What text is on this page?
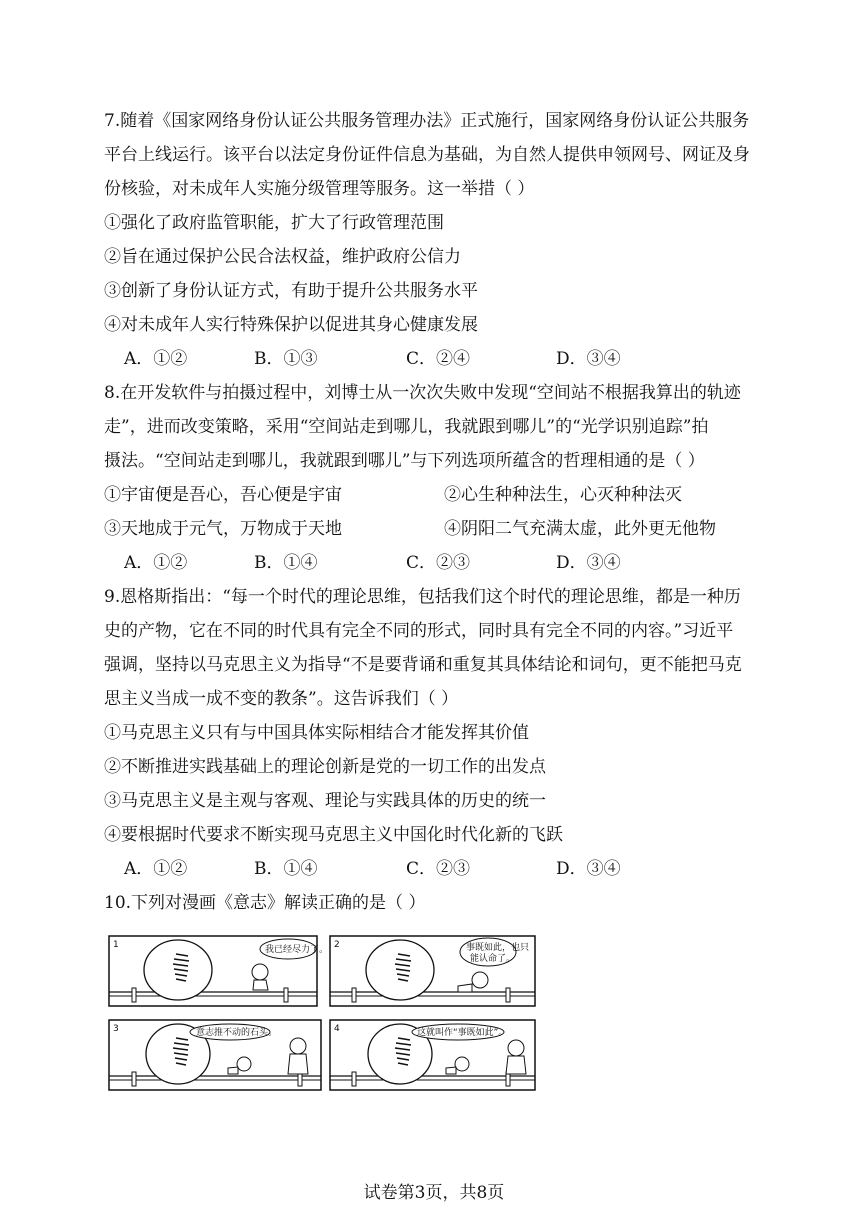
7.随着《国家网络身份认证公共服务管理办法》正式施行，国家网络身份认证公共服务
平台上线运行。该平台以法定身份证件信息为基础，为自然人提供申领网号、网证及身
份核验，对未成年人实施分级管理等服务。这一举措（ ）
①强化了政府监管职能，扩大了行政管理范围
②旨在通过保护公民合法权益，维护政府公信力
③创新了身份认证方式，有助于提升公共服务水平
④对未成年人实行特殊保护以促进其身心健康发展
A．①②	B．①③	C．②④	D．③④
8.在开发软件与拍摄过程中，刘博士从一次次失败中发现“空间站不根据我算出的轨迹
走”，进而改变策略，采用“空间站走到哪儿，我就跟到哪儿”的“光学识别追踪”拍
摄法。“空间站走到哪儿，我就跟到哪儿”与下列选项所蕴含的哲理相通的是（ ）
①宇宙便是吾心，吾心便是宇宙	②心生种种法生，心灭种种法灭
③天地成于元气，万物成于天地	④阴阳二气充满太虚，此外更无他物
A．①②	B．①④	C．②③	D．③④
9.恩格斯指出：“每一个时代的理论思维，包括我们这个时代的理论思维，都是一种历
史的产物，它在不同的时代具有完全不同的形式，同时具有完全不同的内容。”习近平
强调，坚持以马克思主义为指导“不是要背诵和重复其具体结论和词句，更不能把马克
思主义当成一成不变的教条”。这告诉我们（ ）
①马克思主义只有与中国具体实际相结合才能发挥其价值
②不断推进实践基础上的理论创新是党的一切工作的出发点
③马克思主义是主观与客观、理论与实践具体的历史的统一
④要根据时代要求不断实现马克思主义中国化时代化新的飞跃
A．①②	B．①④	C．②③	D．③④
10.下列对漫画《意志》解读正确的是（ ）
1	我已经尽力了。 2	事既如此，也只
能认命了。
3	意志推不动的石头。	4	这就叫作“事既如此”。
试卷第3页，共8页
